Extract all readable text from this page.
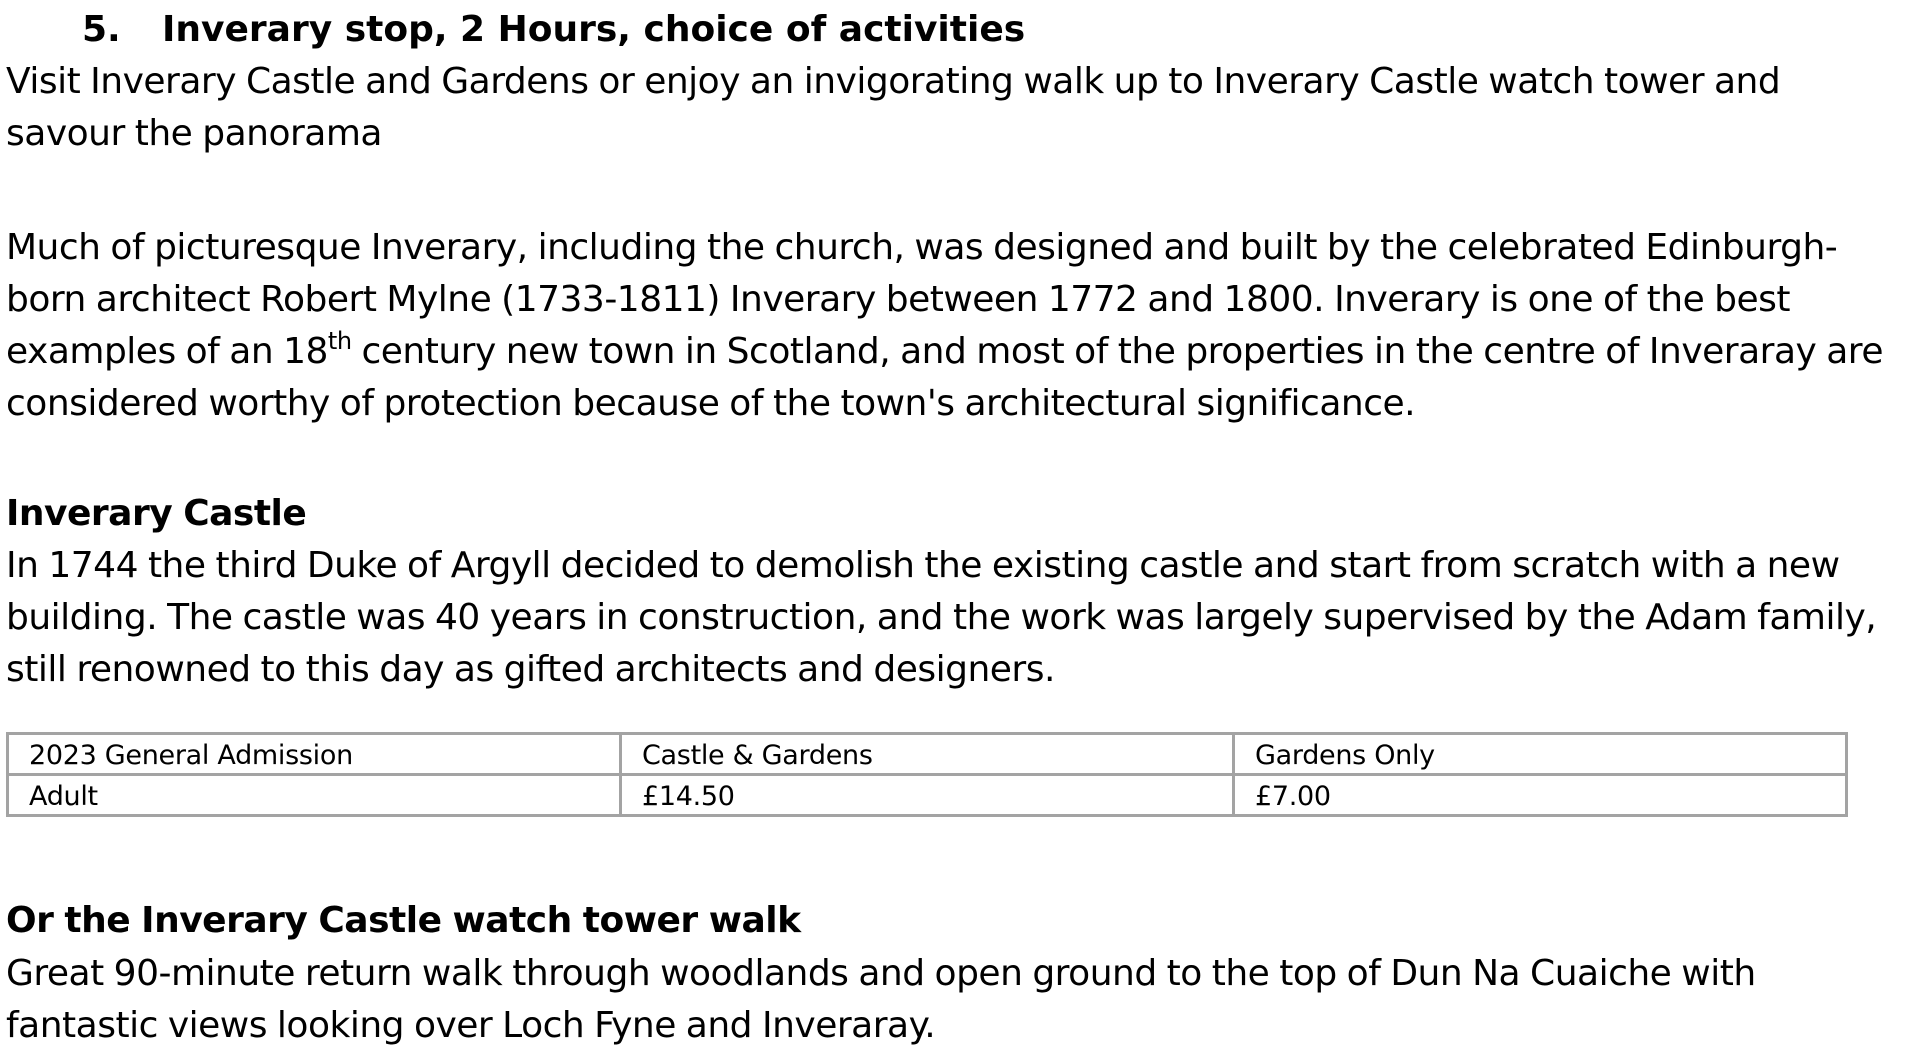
5. Inverary stop, 2 Hours, choice of activities
Visit Inverary Castle and Gardens or enjoy an invigorating walk up to Inverary Castle watch tower and
savour the panorama
Much of picturesque Inverary, including the church, was designed and built by the celebrated Edinburgh-
born architect Robert Mylne (1733-1811) Inverary between 1772 and 1800. Inverary is one of the best
examples of an 18th century new town in Scotland, and most of the properties in the centre of Inveraray are
considered worthy of protection because of the town's architectural significance.
Inverary Castle
In 1744 the third Duke of Argyll decided to demolish the existing castle and start from scratch with a new
building. The castle was 40 years in construction, and the work was largely supervised by the Adam family,
still renowned to this day as gifted architects and designers.
2023 General Admission	Castle & Gardens	Gardens Only
Adult	£14.50	£7.00
Or the Inverary Castle watch tower walk
Great 90-minute return walk through woodlands and open ground to the top of Dun Na Cuaiche with
fantastic views looking over Loch Fyne and Inveraray.
